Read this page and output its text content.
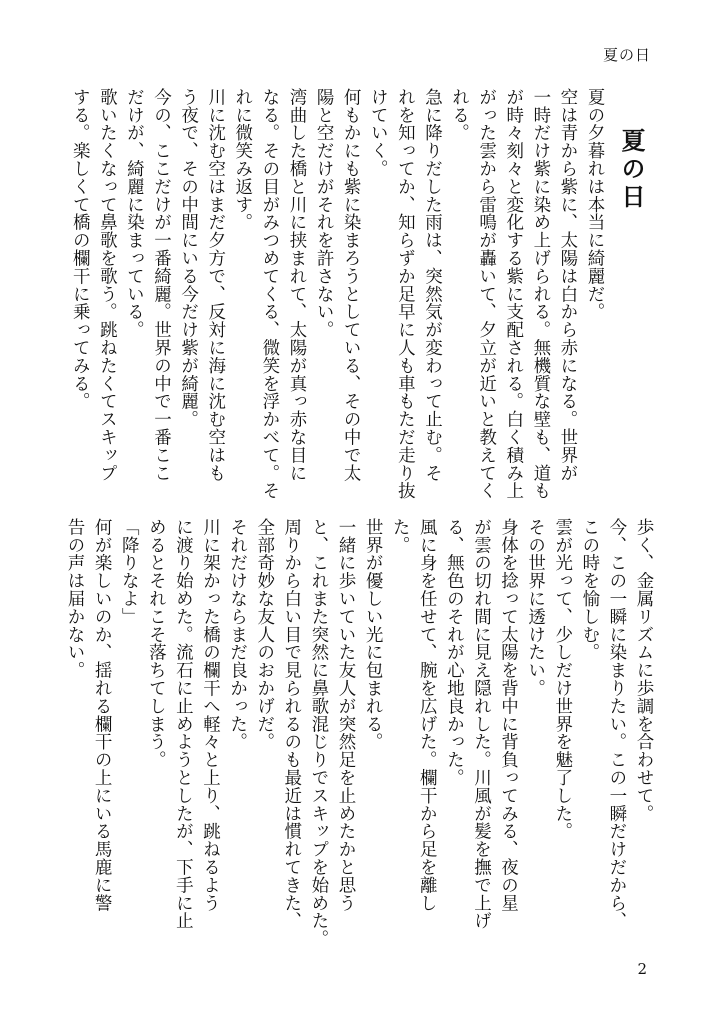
夏の日
夏の日
夏の夕暮れは本当に綺麗だ。
空は青から紫に、太陽は白から赤になる。世界が
一時だけ紫に染め上げられる。無機質な壁も、道も
が時々刻々と変化する紫に支配される。白く積み上
がった雲から雷鳴が轟いて、夕立が近いと教えてく
れる。
急に降りだした雨は、突然気が変わって止む。そ
れを知ってか、知らずか足早に人も車もただ走り抜
けていく。
何もかにも紫に染まろうとしている、その中で太
陽と空だけがそれを許さない。
湾曲した橋と川に挟まれて、太陽が真っ赤な目に
なる。その目がみつめてくる、微笑を浮かべて。そ
れに微笑み返す。
川に沈む空はまだ夕方で、反対に海に沈む空はも
う夜で、その中間にいる今だけ紫が綺麗。
今の、ここだけが一番綺麗。世界の中で一番ここ
だけが、綺麗に染まっている。
歌いたくなって鼻歌を歌う。跳ねたくてスキップ
する。楽しくて橋の欄干に乗ってみる。
歩く、金属リズムに歩調を合わせて。
今、この一瞬に染まりたい。この一瞬だけだから、
この時を愉しむ。
雲が光って、少しだけ世界を魅了した。
その世界に透けたい。
身体を捻って太陽を背中に背負ってみる、夜の星
が雲の切れ間に見え隠れした。川風が髪を撫で上げ
る、無色のそれが心地良かった。
風に身を任せて、腕を広げた。欄干から足を離し
た。
世界が優しい光に包まれる。
一緒に歩いていた友人が突然足を止めたかと思う
と、これまた突然に鼻歌混じりでスキップを始めた。
周りから白い目で見られるのも最近は慣れてきた、
全部奇妙な友人のおかげだ。
それだけならまだ良かった。
川に架かった橋の欄干へ軽々と上り、跳ねるよう
に渡り始めた。流石に止めようとしたが、下手に止
めるとそれこそ落ちてしまう。
「降りなよ」
何が楽しいのか、揺れる欄干の上にいる馬鹿に警
告の声は届かない。
2
